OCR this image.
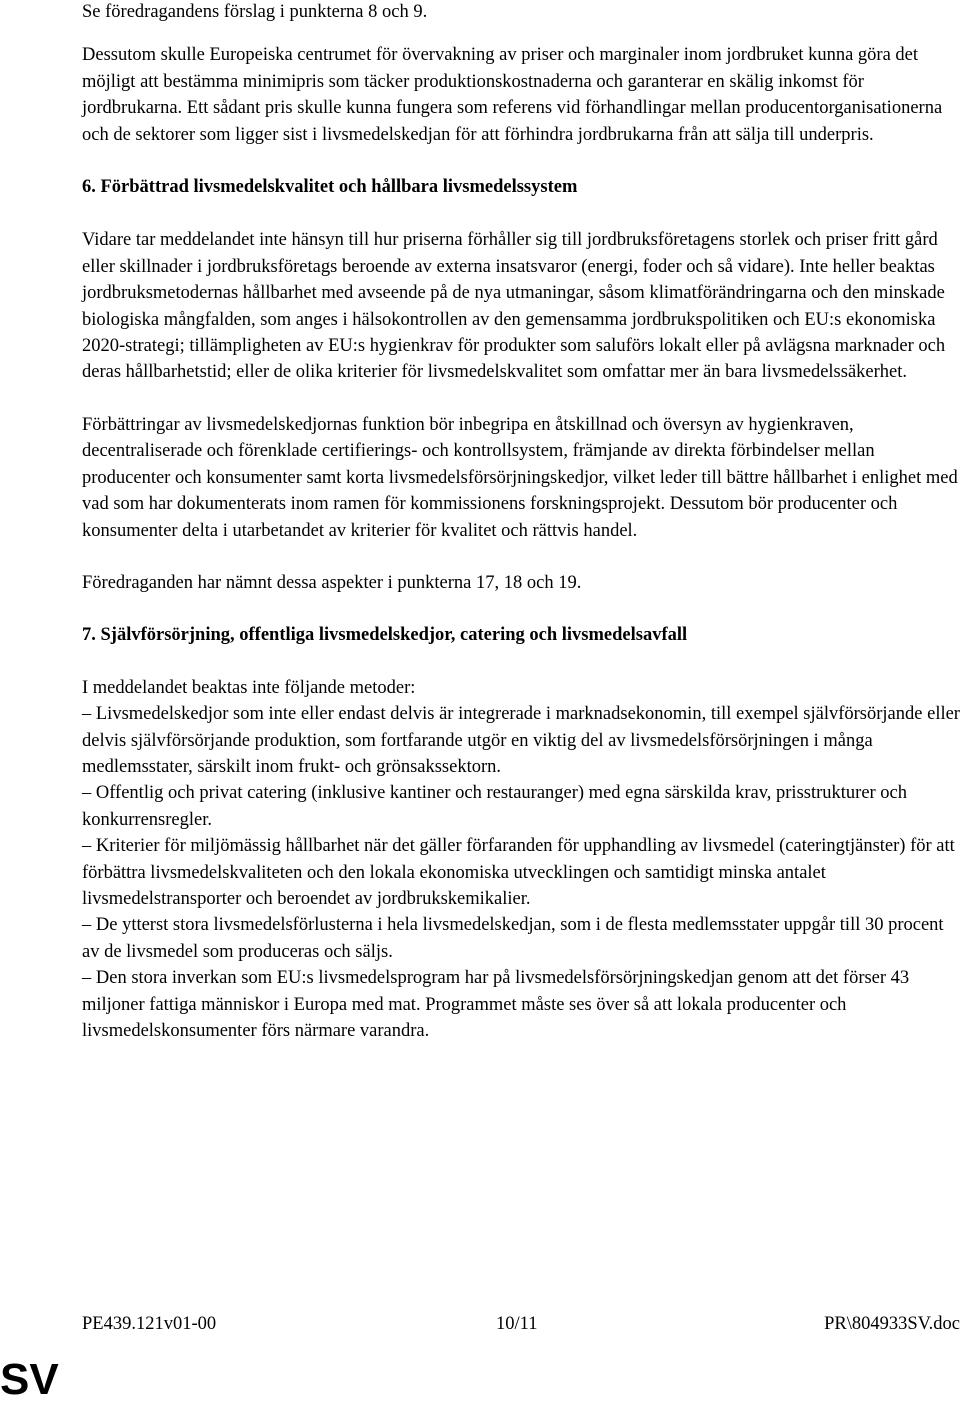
Se föredragandens förslag i punkterna 8 och 9.

Dessutom skulle Europeiska centrumet för övervakning av priser och marginaler inom jordbruket kunna göra det möjligt att bestämma minimipris som täcker produktionskostnaderna och garanterar en skälig inkomst för jordbrukarna. Ett sådant pris skulle kunna fungera som referens vid förhandlingar mellan producentorganisationerna och de sektorer som ligger sist i livsmedelskedjan för att förhindra jordbrukarna från att sälja till underpris.

6. Förbättrad livsmedelskvalitet och hållbara livsmedelssystem

Vidare tar meddelandet inte hänsyn till hur priserna förhåller sig till jordbruksföretagens storlek och priser fritt gård eller skillnader i jordbruksföretags beroende av externa insatsvaror (energi, foder och så vidare). Inte heller beaktas jordbruksmetodernas hållbarhet med avseende på de nya utmaningar, såsom klimatförändringarna och den minskade biologiska mångfalden, som anges i hälsokontrollen av den gemensamma jordbrukspolitiken och EU:s ekonomiska 2020-strategi; tillämpligheten av EU:s hygienkrav för produkter som saluförs lokalt eller på avlägsna marknader och deras hållbarhetstid; eller de olika kriterier för livsmedelskvalitet som omfattar mer än bara livsmedelssäkerhet.

Förbättringar av livsmedelskedjornas funktion bör inbegripa en åtskillnad och översyn av hygienkraven, decentraliserade och förenklade certifierings- och kontrollsystem, främjande av direkta förbindelser mellan producenter och konsumenter samt korta livsmedelsförsörjningskedjor, vilket leder till bättre hållbarhet i enlighet med vad som har dokumenterats inom ramen för kommissionens forskningsprojekt. Dessutom bör producenter och konsumenter delta i utarbetandet av kriterier för kvalitet och rättvis handel.

Föredraganden har nämnt dessa aspekter i punkterna 17, 18 och 19.

7. Självförsörjning, offentliga livsmedelskedjor, catering och livsmedelsavfall

I meddelandet beaktas inte följande metoder:

– Livsmedelskedjor som inte eller endast delvis är integrerade i marknadsekonomin, till exempel självförsörjande eller delvis självförsörjande produktion, som fortfarande utgör en viktig del av livsmedelsförsörjningen i många medlemsstater, särskilt inom frukt- och grönsakssektorn.

– Offentlig och privat catering (inklusive kantiner och restauranger) med egna särskilda krav, prisstrukturer och konkurrensregler.

– Kriterier för miljömässig hållbarhet när det gäller förfaranden för upphandling av livsmedel (cateringtjänster) för att förbättra livsmedelskvaliteten och den lokala ekonomiska utvecklingen och samtidigt minska antalet livsmedelstransporter och beroendet av jordbrukskemikalier.

– De ytterst stora livsmedelsförlusterna i hela livsmedelskedjan, som i de flesta medlemsstater uppgår till 30 procent av de livsmedel som produceras och säljs.

– Den stora inverkan som EU:s livsmedelsprogram har på livsmedelsförsörjningskedjan genom att det förser 43 miljoner fattiga människor i Europa med mat. Programmet måste ses över så att lokala producenter och livsmedelskonsumenter förs närmare varandra.

PE439.121v01-00	10/11	PR\804933SV.doc
SV
